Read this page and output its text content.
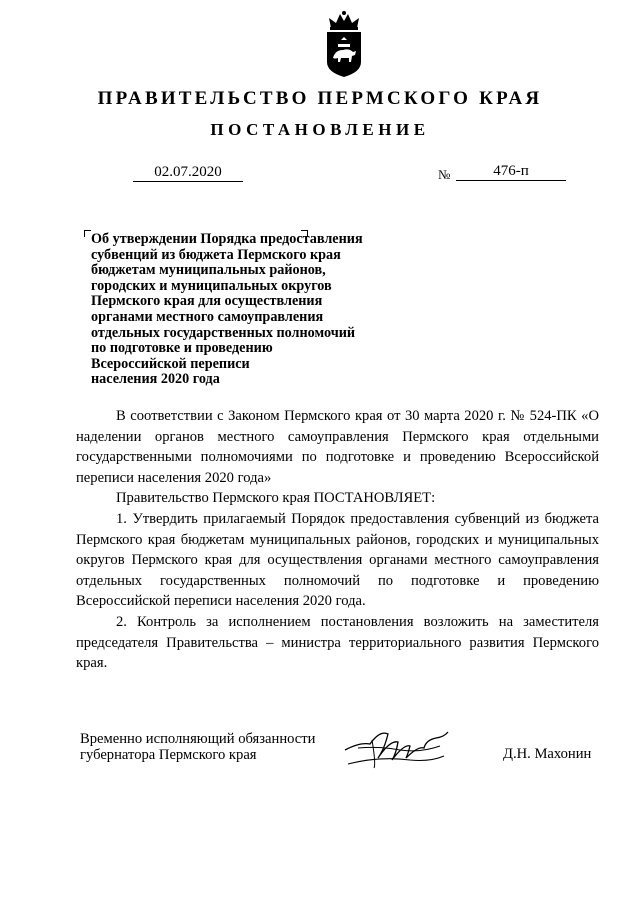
ПРАВИТЕЛЬСТВО ПЕРМСКОГО КРАЯ
ПОСТАНОВЛЕНИЕ
02.07.2020	№	476-п
Об утверждении Порядка предоставления
субвенций из бюджета Пермского края
бюджетам муниципальных районов,
городских и муниципальных округов
Пермского края для осуществления
органами местного самоуправления
отдельных государственных полномочий
по подготовке и проведению
Всероссийской переписи
населения 2020 года

В соответствии с Законом Пермского края от 30 марта 2020 г. № 524-ПК «О наделении органов местного самоуправления Пермского края отдельными государственными полномочиями по подготовке и проведению Всероссийской переписи населения 2020 года»

Правительство Пермского края ПОСТАНОВЛЯЕТ:

1. Утвердить прилагаемый Порядок предоставления субвенций из бюджета Пермского края бюджетам муниципальных районов, городских и муниципальных округов Пермского края для осуществления органами местного самоуправления отдельных государственных полномочий по подготовке и проведению Всероссийской переписи населения 2020 года.

2. Контроль за исполнением постановления возложить на заместителя председателя Правительства – министра территориального развития Пермского края.

Временно исполняющий обязанности
губернатора Пермского края	Д.Н. Махонин
